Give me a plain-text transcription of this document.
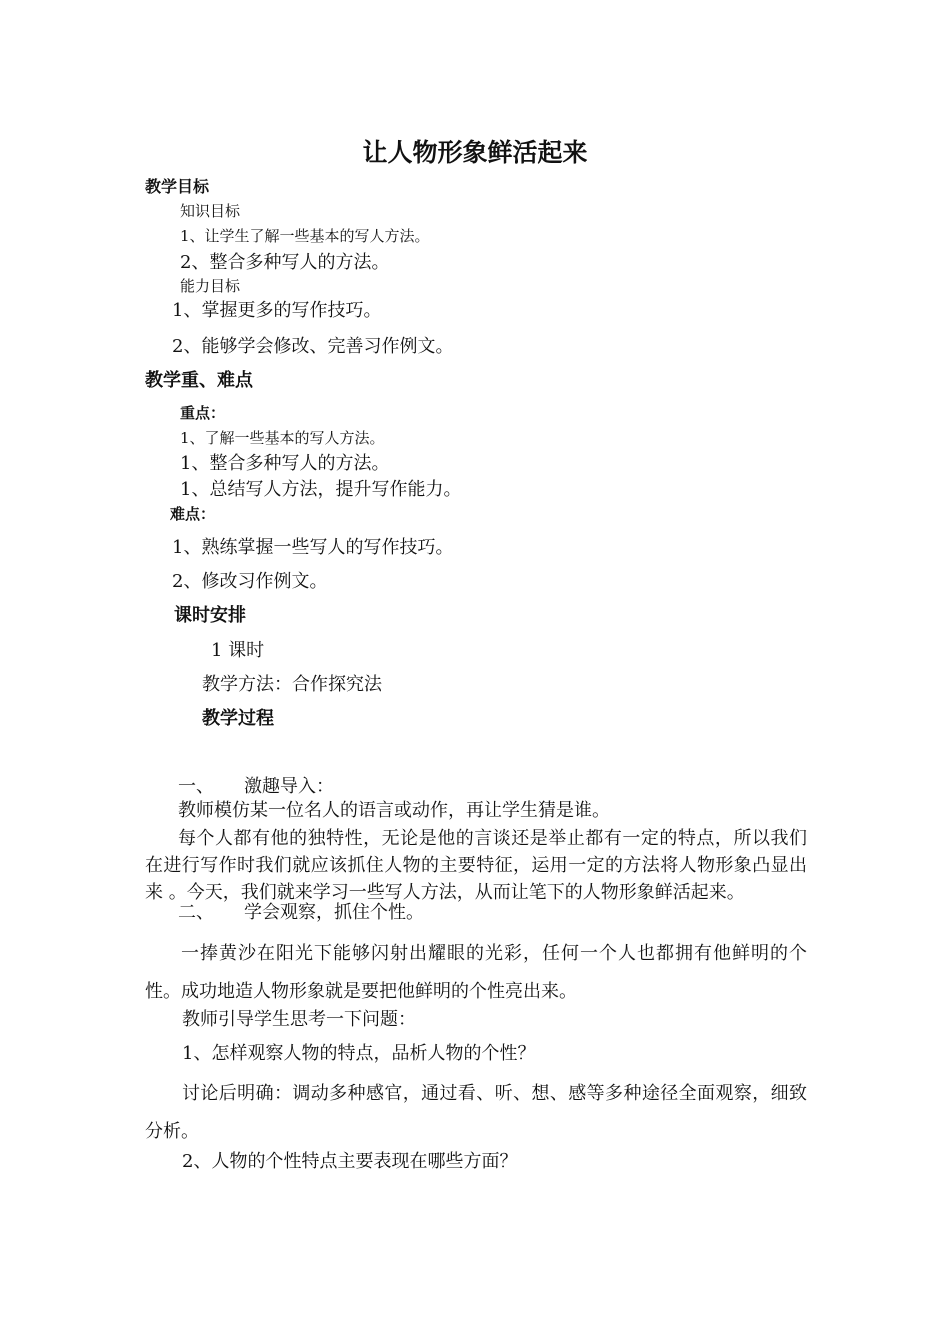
让人物形象鲜活起来
教学目标
知识目标
1、让学生了解一些基本的写人方法。
2、整合多种写人的方法。
能力目标
1、掌握更多的写作技巧。
2、能够学会修改、完善习作例文。
教学重、难点
重点：
1、了解一些基本的写人方法。
1、整合多种写人的方法。
1、总结写人方法，提升写作能力。
难点：
1、熟练掌握一些写人的写作技巧。
2、修改习作例文。
课时安排
1 课时
教学方法：合作探究法
教学过程
一、 激趣导入：
教师模仿某一位名人的语言或动作，再让学生猜是谁。
每个人都有他的独特性，无论是他的言谈还是举止都有一定的特点，所以我们在进行写作时我们就应该抓住人物的主要特征，运用一定的方法将人物形象凸显出来 。今天，我们就来学习一些写人方法，从而让笔下的人物形象鲜活起来。
二、 学会观察，抓住个性。
一捧黄沙在阳光下能够闪射出耀眼的光彩，任何一个人也都拥有他鲜明的个性。成功地造人物形象就是要把他鲜明的个性亮出来。
教师引导学生思考一下问题：
1、怎样观察人物的特点，品析人物的个性？
讨论后明确：调动多种感官，通过看、听、想、感等多种途径全面观察，细致分析。
2、人物的个性特点主要表现在哪些方面？
